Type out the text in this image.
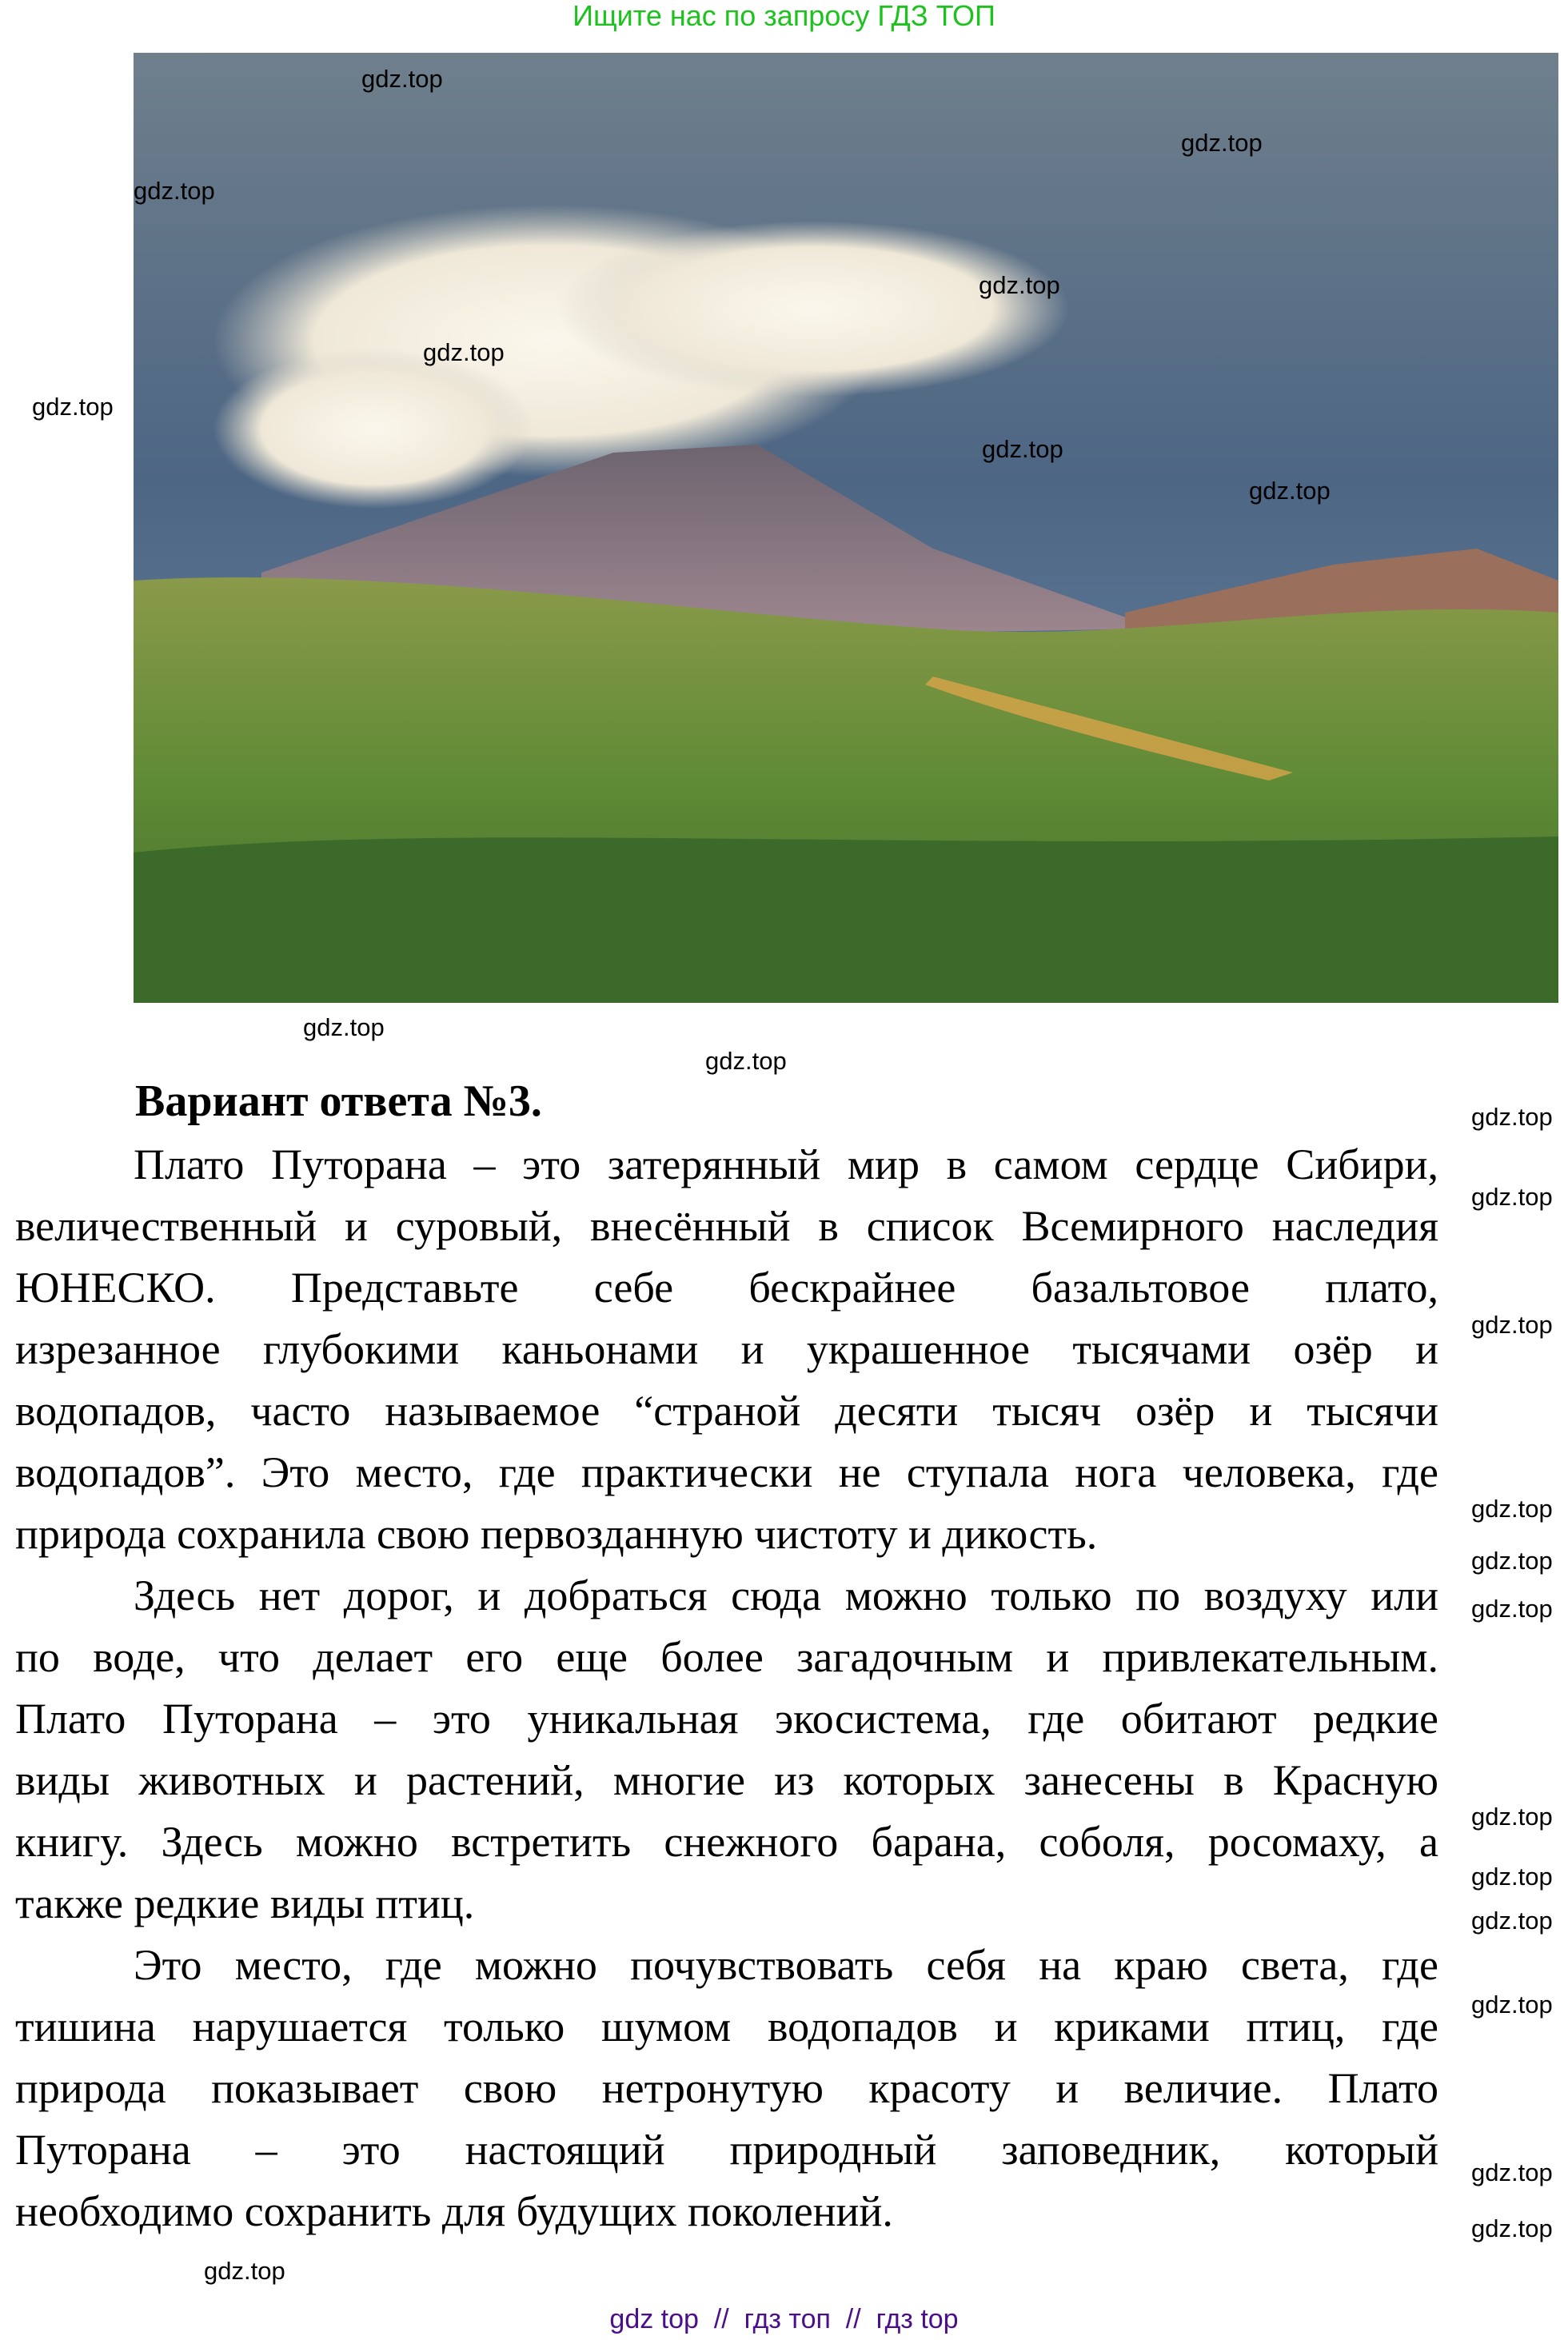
Ищите нас по запросу ГДЗ ТОП
Вариант ответа №3.
Плато Путорана – это затерянный мир в самом сердце Сибири,
величественный и суровый, внесённый в список Всемирного наследия
ЮНЕСКО. Представьте себе бескрайнее базальтовое плато,
изрезанное глубокими каньонами и украшенное тысячами озёр и
водопадов, часто называемое “страной десяти тысяч озёр и тысячи
водопадов”. Это место, где практически не ступала нога человека, где
природа сохранила свою первозданную чистоту и дикость.
Здесь нет дорог, и добраться сюда можно только по воздуху или
по воде, что делает его еще более загадочным и привлекательным.
Плато Путорана – это уникальная экосистема, где обитают редкие
виды животных и растений, многие из которых занесены в Красную
книгу. Здесь можно встретить снежного барана, соболя, росомаху, а
также редкие виды птиц.
Это место, где можно почувствовать себя на краю света, где
тишина нарушается только шумом водопадов и криками птиц, где
природа показывает свою нетронутую красоту и величие. Плато
Путорана – это настоящий природный заповедник, который
необходимо сохранить для будущих поколений.
gdz.top
gdz.top
gdz.top
gdz.top
gdz.top
gdz.top
gdz.top
gdz.top
gdz.top
gdz.top
gdz.top
gdz.top
gdz.top
gdz.top
gdz.top
gdz.top
gdz.top
gdz.top
gdz.top
gdz.top
gdz.top
gdz.top
gdz.top
gdz top  //  гдз топ  //  гдз top
